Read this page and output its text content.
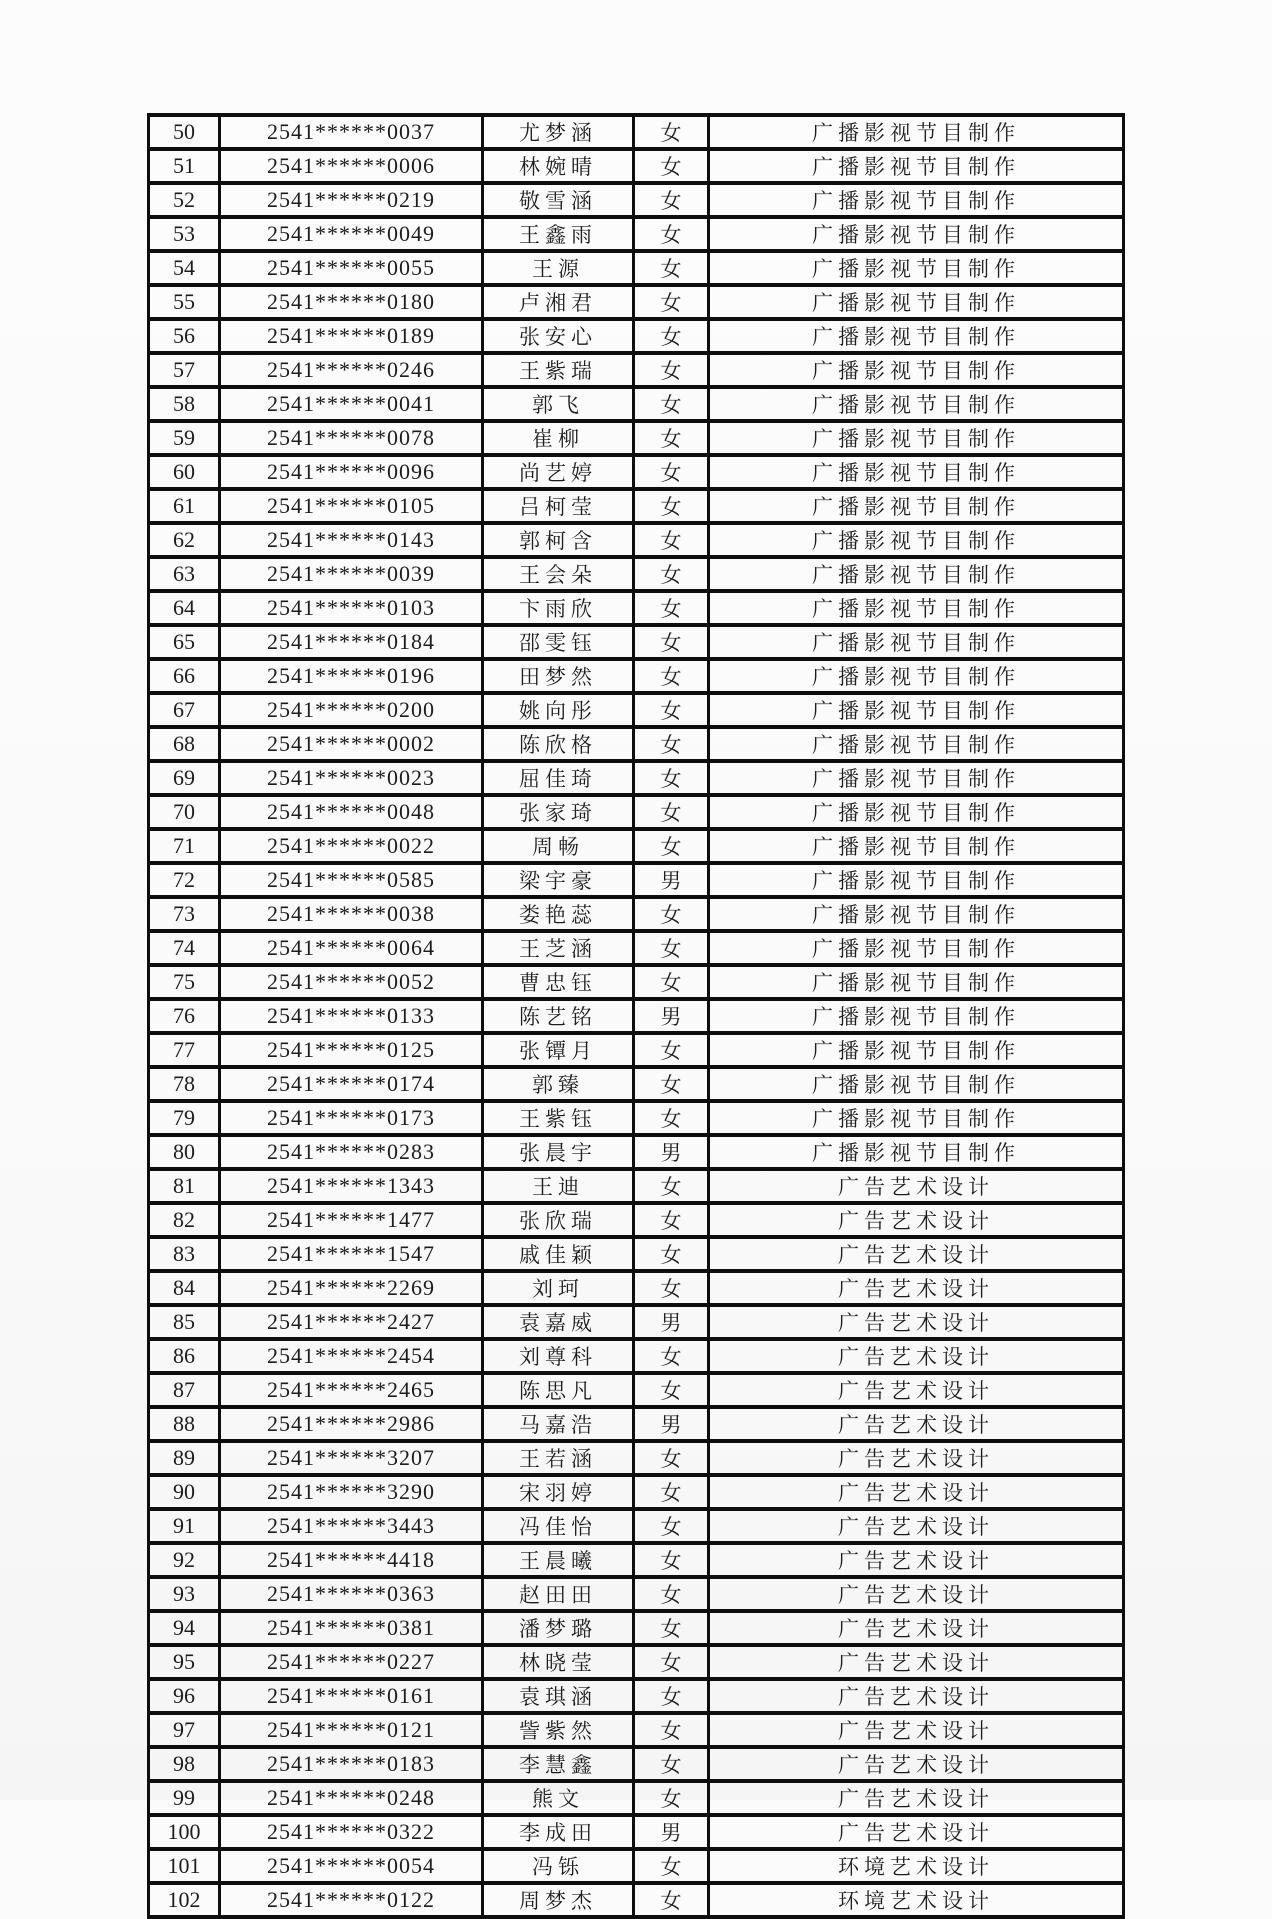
50	2541******0037	尤梦涵	女	广播影视节目制作
51	2541******0006	林婉晴	女	广播影视节目制作
52	2541******0219	敬雪涵	女	广播影视节目制作
53	2541******0049	王鑫雨	女	广播影视节目制作
54	2541******0055	王源	女	广播影视节目制作
55	2541******0180	卢湘君	女	广播影视节目制作
56	2541******0189	张安心	女	广播影视节目制作
57	2541******0246	王紫瑞	女	广播影视节目制作
58	2541******0041	郭飞	女	广播影视节目制作
59	2541******0078	崔柳	女	广播影视节目制作
60	2541******0096	尚艺婷	女	广播影视节目制作
61	2541******0105	吕柯莹	女	广播影视节目制作
62	2541******0143	郭柯含	女	广播影视节目制作
63	2541******0039	王会朵	女	广播影视节目制作
64	2541******0103	卞雨欣	女	广播影视节目制作
65	2541******0184	邵雯钰	女	广播影视节目制作
66	2541******0196	田梦然	女	广播影视节目制作
67	2541******0200	姚向彤	女	广播影视节目制作
68	2541******0002	陈欣格	女	广播影视节目制作
69	2541******0023	屈佳琦	女	广播影视节目制作
70	2541******0048	张家琦	女	广播影视节目制作
71	2541******0022	周畅	女	广播影视节目制作
72	2541******0585	梁宇豪	男	广播影视节目制作
73	2541******0038	娄艳蕊	女	广播影视节目制作
74	2541******0064	王芝涵	女	广播影视节目制作
75	2541******0052	曹忠钰	女	广播影视节目制作
76	2541******0133	陈艺铭	男	广播影视节目制作
77	2541******0125	张镡月	女	广播影视节目制作
78	2541******0174	郭臻	女	广播影视节目制作
79	2541******0173	王紫钰	女	广播影视节目制作
80	2541******0283	张晨宇	男	广播影视节目制作
81	2541******1343	王迪	女	广告艺术设计
82	2541******1477	张欣瑞	女	广告艺术设计
83	2541******1547	戚佳颖	女	广告艺术设计
84	2541******2269	刘珂	女	广告艺术设计
85	2541******2427	袁嘉威	男	广告艺术设计
86	2541******2454	刘尊科	女	广告艺术设计
87	2541******2465	陈思凡	女	广告艺术设计
88	2541******2986	马嘉浩	男	广告艺术设计
89	2541******3207	王若涵	女	广告艺术设计
90	2541******3290	宋羽婷	女	广告艺术设计
91	2541******3443	冯佳怡	女	广告艺术设计
92	2541******4418	王晨曦	女	广告艺术设计
93	2541******0363	赵田田	女	广告艺术设计
94	2541******0381	潘梦璐	女	广告艺术设计
95	2541******0227	林晓莹	女	广告艺术设计
96	2541******0161	袁琪涵	女	广告艺术设计
97	2541******0121	訾紫然	女	广告艺术设计
98	2541******0183	李慧鑫	女	广告艺术设计
99	2541******0248	熊文	女	广告艺术设计
100	2541******0322	李成田	男	广告艺术设计
101	2541******0054	冯铄	女	环境艺术设计
102	2541******0122	周梦杰	女	环境艺术设计
